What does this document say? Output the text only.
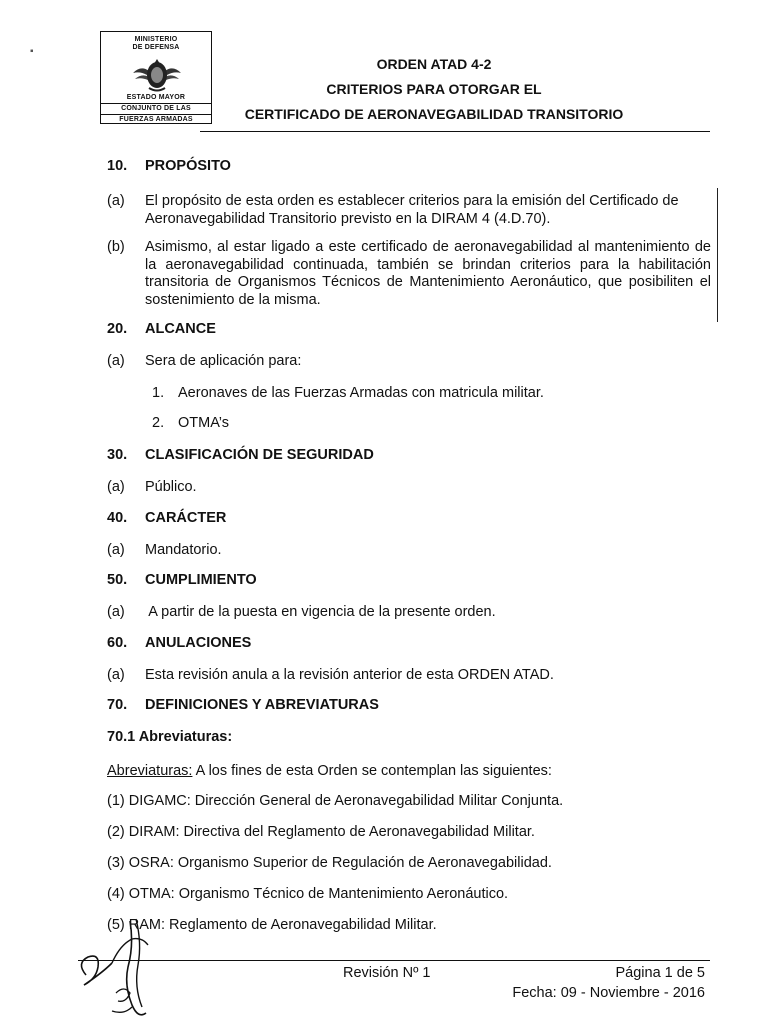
▪
MINISTERIO
DE DEFENSA
ESTADO MAYOR
CONJUNTO DE LAS
FUERZAS ARMADAS
ORDEN ATAD 4-2
CRITERIOS PARA OTORGAR EL
CERTIFICADO DE AERONAVEGABILIDAD TRANSITORIO
10. PROPÓSITO
(a) El propósito de esta orden es establecer criterios para la emisión del Certificado de Aeronavegabilidad Transitorio previsto en la DIRAM 4 (4.D.70).
(b) Asimismo, al estar ligado a este certificado de aeronavegabilidad al mantenimiento de la aeronavegabilidad continuada, también se brindan criterios para la habilitación transitoria de Organismos Técnicos de Mantenimiento Aeronáutico, que posibiliten el sostenimiento de la misma.
20. ALCANCE
(a) Sera de aplicación para:
1. Aeronaves de las Fuerzas Armadas con matricula militar.
2. OTMA’s
30. CLASIFICACIÓN DE SEGURIDAD
(a) Público.
40. CARÁCTER
(a) Mandatorio.
50. CUMPLIMIENTO
(a) A partir de la puesta en vigencia de la presente orden.
60. ANULACIONES
(a) Esta revisión anula a la revisión anterior de esta ORDEN ATAD.
70. DEFINICIONES Y ABREVIATURAS
70.1 Abreviaturas:
Abreviaturas: A los fines de esta Orden se contemplan las siguientes:
(1) DIGAMC: Dirección General de Aeronavegabilidad Militar Conjunta.
(2) DIRAM: Directiva del Reglamento de Aeronavegabilidad Militar.
(3) OSRA: Organismo Superior de Regulación de Aeronavegabilidad.
(4) OTMA: Organismo Técnico de Mantenimiento Aeronáutico.
(5) RAM: Reglamento de Aeronavegabilidad Militar.
Revisión Nº 1	Página 1 de 5
Fecha: 09 - Noviembre - 2016
